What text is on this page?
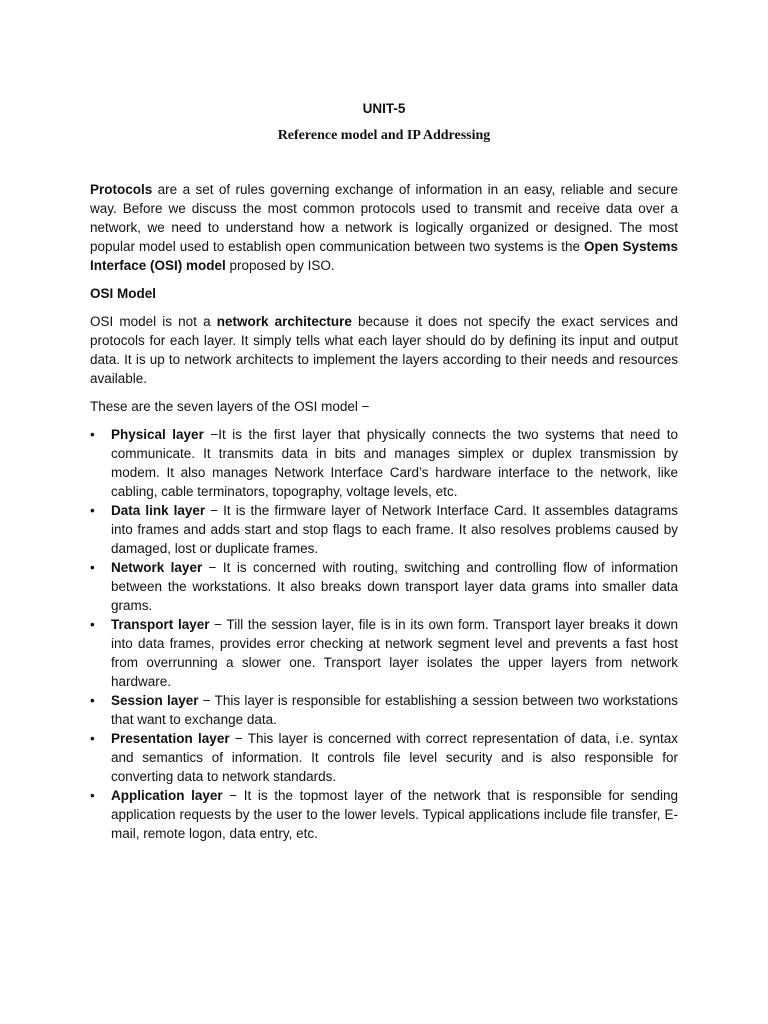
UNIT-5
Reference model and IP Addressing

Protocols are a set of rules governing exchange of information in an easy, reliable and secure way. Before we discuss the most common protocols used to transmit and receive data over a network, we need to understand how a network is logically organized or designed. The most popular model used to establish open communication between two systems is the Open Systems Interface (OSI) model proposed by ISO.

OSI Model

OSI model is not a network architecture because it does not specify the exact services and protocols for each layer. It simply tells what each layer should do by defining its input and output data. It is up to network architects to implement the layers according to their needs and resources available.

These are the seven layers of the OSI model −

•	Physical layer −It is the first layer that physically connects the two systems that need to communicate. It transmits data in bits and manages simplex or duplex transmission by modem. It also manages Network Interface Card’s hardware interface to the network, like cabling, cable terminators, topography, voltage levels, etc.
•	Data link layer − It is the firmware layer of Network Interface Card. It assembles datagrams into frames and adds start and stop flags to each frame. It also resolves problems caused by damaged, lost or duplicate frames.
•	Network layer − It is concerned with routing, switching and controlling flow of information between the workstations. It also breaks down transport layer data grams into smaller data grams.
•	Transport layer − Till the session layer, file is in its own form. Transport layer breaks it down into data frames, provides error checking at network segment level and prevents a fast host from overrunning a slower one. Transport layer isolates the upper layers from network hardware.
•	Session layer − This layer is responsible for establishing a session between two workstations that want to exchange data.
•	Presentation layer − This layer is concerned with correct representation of data, i.e. syntax and semantics of information. It controls file level security and is also responsible for converting data to network standards.
•	Application layer − It is the topmost layer of the network that is responsible for sending application requests by the user to the lower levels. Typical applications include file transfer, E-mail, remote logon, data entry, etc.
